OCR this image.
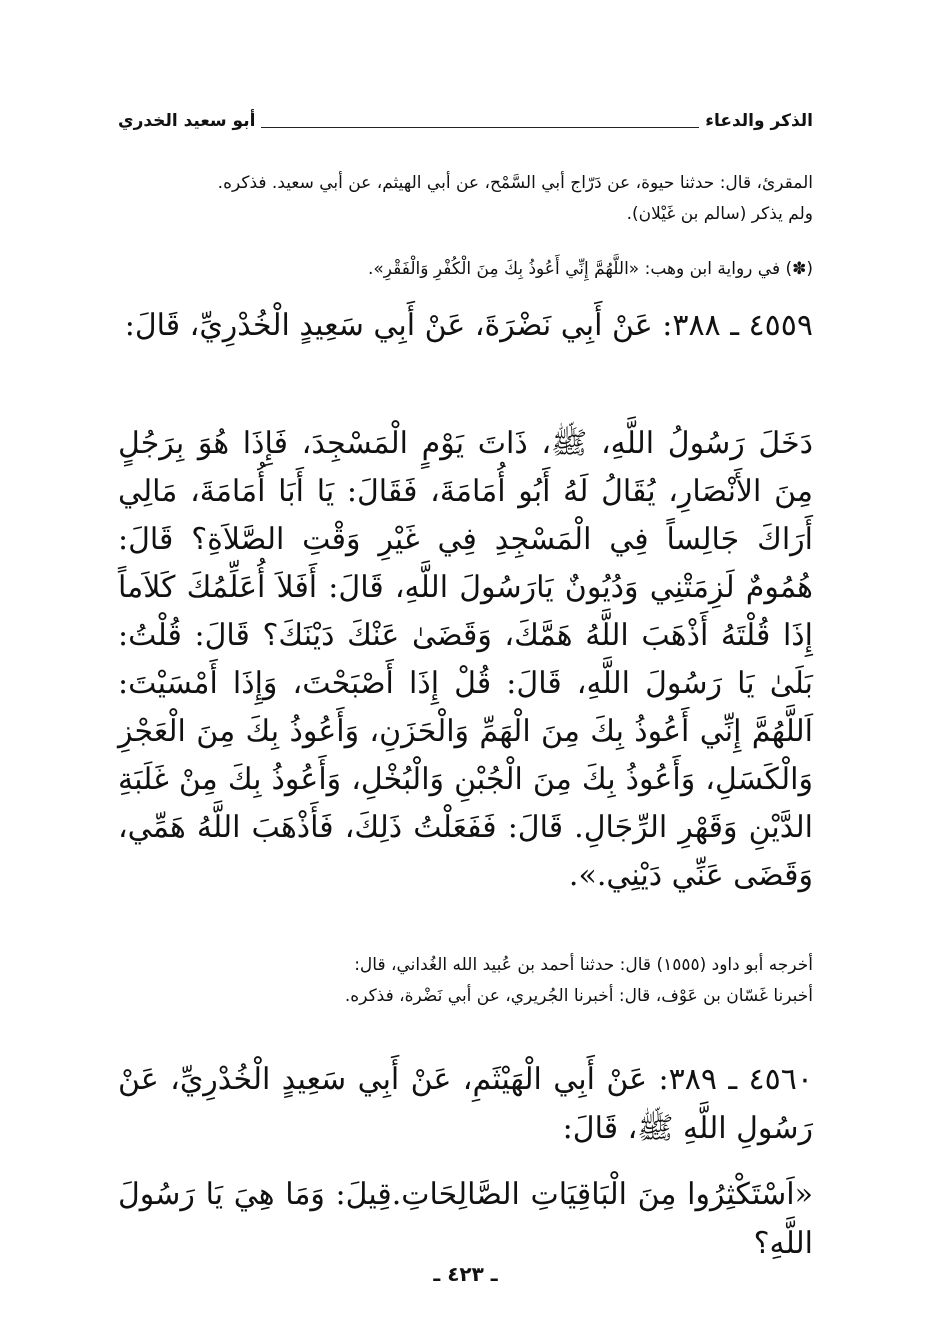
الذكر والدعاء
أبو سعيد الخدري
المقرئ، قال: حدثنا حيوة، عن دَرّاج أبي السَّمْح، عن أبي الهيثم، عن أبي سعيد. فذكره.
ولم يذكر (سالم بن غَيْلان).
(✽) في رواية ابن وهب: «اللَّهُمَّ إِنِّي أَعُوذُ بِكَ مِنَ الْكُفْرِ وَالْفَقْرِ».
٤٥٥٩ ـ ٣٨٨: عَنْ أَبِي نَضْرَةَ، عَنْ أَبِي سَعِيدٍ الْخُدْرِيِّ، قَالَ:
دَخَلَ رَسُولُ اللَّهِ، ﷺ، ذَاتَ يَوْمٍ الْمَسْجِدَ، فَإِذَا هُوَ بِرَجُلٍ مِنَ الأَنْصَارِ، يُقَالُ لَهُ أَبُو أُمَامَةَ، فَقَالَ: يَا أَبَا أُمَامَةَ، مَالِي أَرَاكَ جَالِساً فِي الْمَسْجِدِ فِي غَيْرِ وَقْتِ الصَّلاَةِ؟ قَالَ: هُمُومٌ لَزِمَتْنِي وَدُيُونٌ يَارَسُولَ اللَّهِ، قَالَ: أَفَلاَ أُعَلِّمُكَ كَلاَماً إِذَا قُلْتَهُ أَذْهَبَ اللَّهُ هَمَّكَ، وَقَضَىٰ عَنْكَ دَيْنَكَ؟ قَالَ: قُلْتُ: بَلَىٰ يَا رَسُولَ اللَّهِ، قَالَ: قُلْ إِذَا أَصْبَحْتَ، وَإِذَا أَمْسَيْتَ: اَللَّهُمَّ إِنِّي أَعُوذُ بِكَ مِنَ الْهَمِّ وَالْحَزَنِ، وَأَعُوذُ بِكَ مِنَ الْعَجْزِ وَالْكَسَلِ، وَأَعُوذُ بِكَ مِنَ الْجُبْنِ وَالْبُخْلِ، وَأَعُوذُ بِكَ مِنْ غَلَبَةِ الدَّيْنِ وَقَهْرِ الرِّجَالِ. قَالَ: فَفَعَلْتُ ذَلِكَ، فَأَذْهَبَ اللَّهُ هَمِّي، وَقَضَى عَنِّي دَيْنِي.».
أخرجه أبو داود (١٥٥٥) قال: حدثنا أحمد بن عُبيد الله الغُداني، قال:
أخبرنا غَسّان بن عَوْف، قال: أخبرنا الجُريري، عن أبي نَضْرة، فذكره.
٤٥٦٠ ـ ٣٨٩: عَنْ أَبِي الْهَيْثَمِ، عَنْ أَبِي سَعِيدٍ الْخُدْرِيِّ، عَنْ رَسُولِ اللَّهِ ﷺ، قَالَ:
«اَسْتَكْثِرُوا مِنَ الْبَاقِيَاتِ الصَّالِحَاتِ.قِيلَ: وَمَا هِيَ يَا رَسُولَ اللَّهِ؟
ـ ٤٢٣ ـ
